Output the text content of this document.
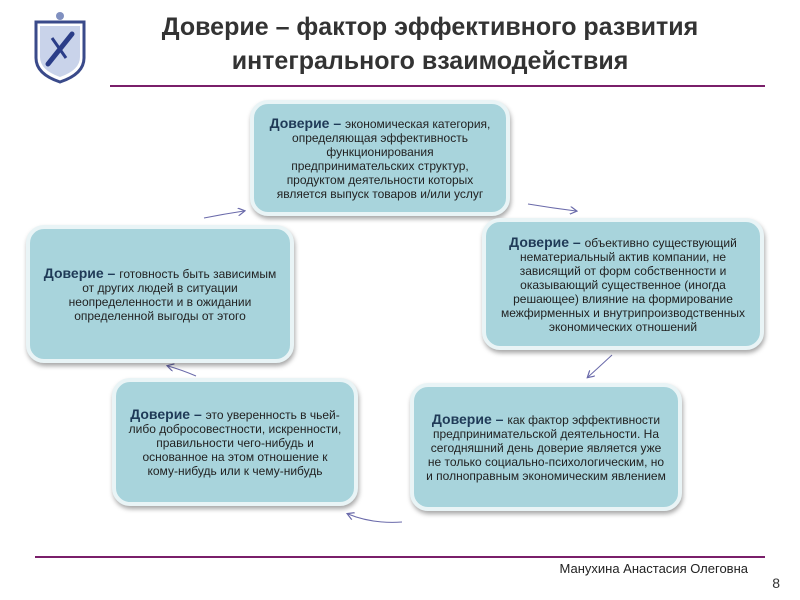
Доверие – фактор эффективного развития
интегрального взаимодействия
Доверие – экономическая категория, определяющая эффективность функционирования предпринимательских структур, продуктом деятельности которых является выпуск товаров и/или услуг
Доверие – объективно существующий нематериальный актив компании, не зависящий от форм собственности и оказывающий существенное (иногда решающее) влияние на формирование межфирменных и внутрипроизводственных экономических отношений
Доверие – как фактор эффективности предпринимательской деятельности. На сегодняшний день доверие является уже не только социально-психологическим, но и полноправным экономическим явлением
Доверие – это уверенность в чьей-либо добросовестности, искренности, правильности чего-нибудь и основанное на этом отношение к кому-нибудь или к чему-нибудь
Доверие – готовность быть зависимым от других людей в ситуации неопределенности и в ожидании определенной выгоды от этого
Манухина Анастасия Олеговна
8
